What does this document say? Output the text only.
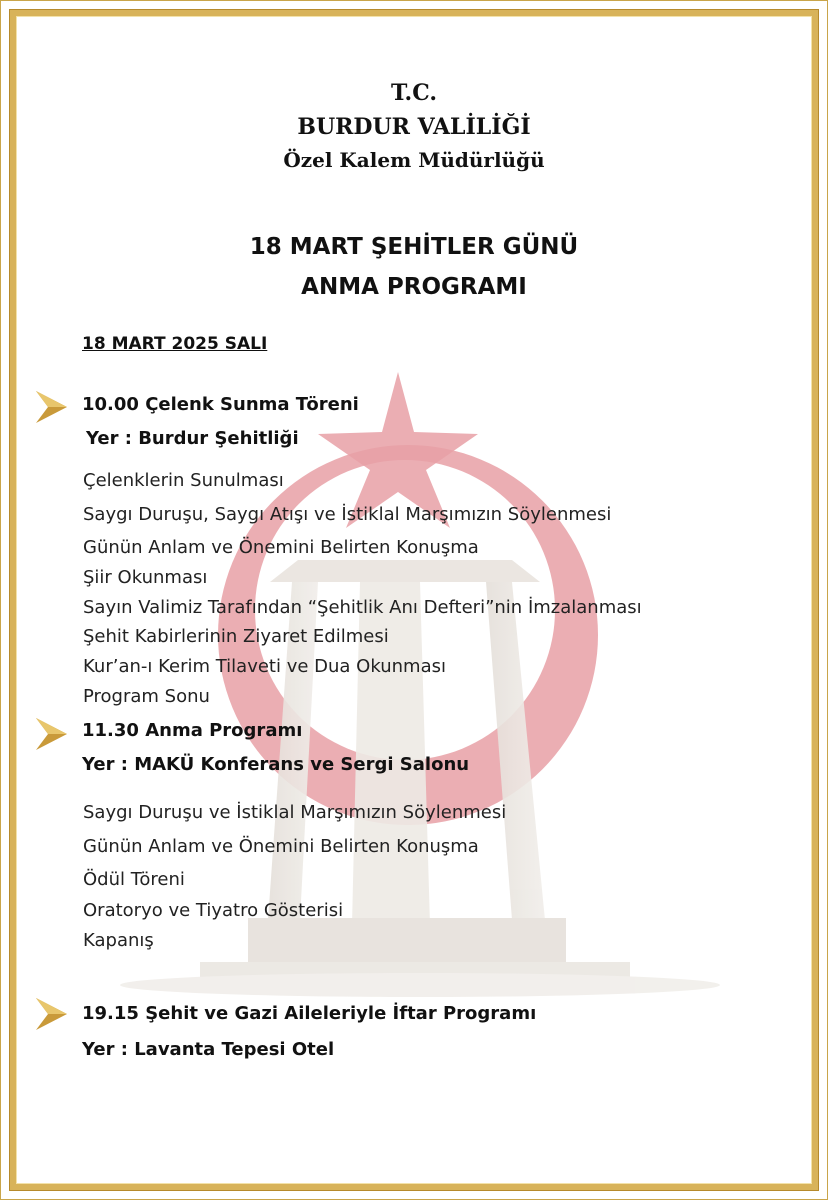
T.C.
BURDUR VALİLİĞİ
Özel Kalem Müdürlüğü
18 MART ŞEHİTLER GÜNÜ
ANMA PROGRAMI
18 MART 2025 SALI
10.00 Çelenk Sunma Töreni
Yer : Burdur Şehitliği
Çelenklerin Sunulması
Saygı Duruşu, Saygı Atışı ve İstiklal Marşımızın Söylenmesi
Günün Anlam ve Önemini Belirten Konuşma
Şiir Okunması
Sayın Valimiz Tarafından “Şehitlik Anı Defteri”nin İmzalanması
Şehit Kabirlerinin Ziyaret Edilmesi
Kur’an-ı Kerim Tilaveti ve Dua Okunması
Program Sonu
11.30 Anma Programı
Yer : MAKÜ Konferans ve Sergi Salonu
Saygı Duruşu ve İstiklal Marşımızın Söylenmesi
Günün Anlam ve Önemini Belirten Konuşma
Ödül Töreni
Oratoryo ve Tiyatro Gösterisi
Kapanış
19.15 Şehit ve Gazi Aileleriyle İftar Programı
Yer : Lavanta Tepesi Otel
